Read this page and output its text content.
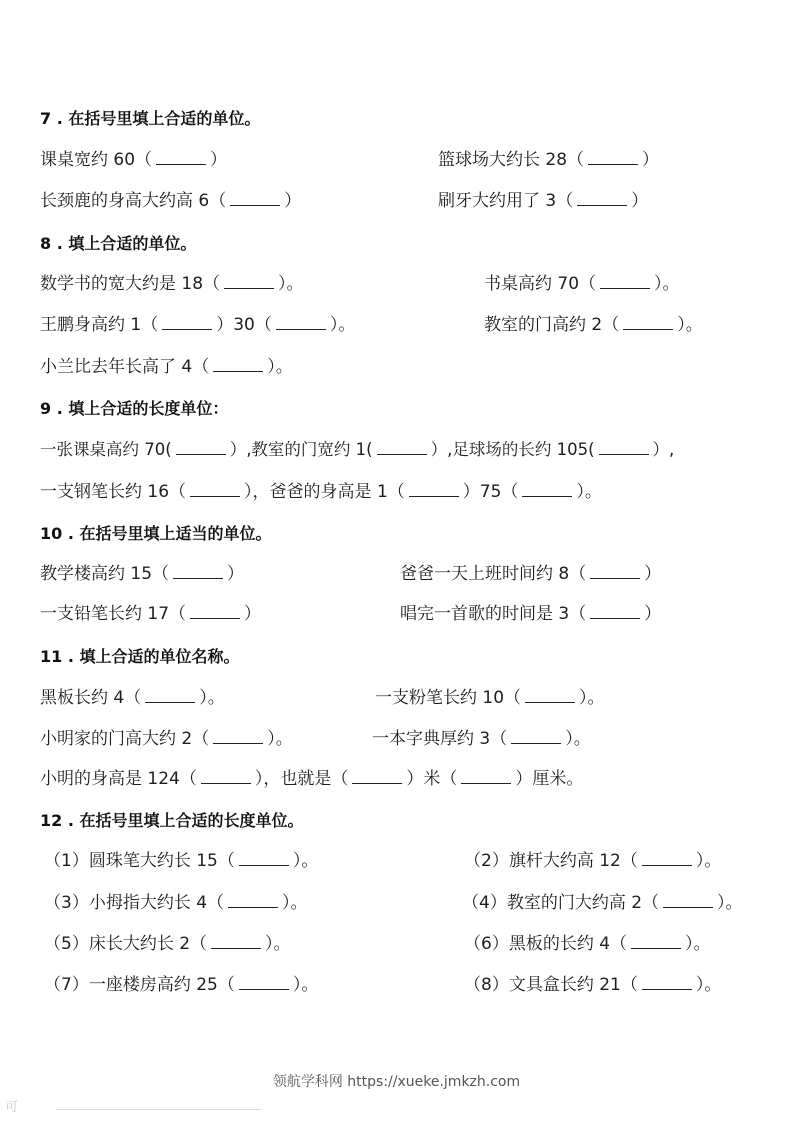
7 . 在括号里填上合适的单位。
课桌宽约 60（	）	篮球场大约长 28（	）
长颈鹿的身高大约高 6（	）	刷牙大约用了 3（	）
8 . 填上合适的单位。
数学书的宽大约是 18（	）。	书桌高约 70（	）。
王鹏身高约 1（	）30（	）。	教室的门高约 2（	）。
小兰比去年长高了 4（	）。
9 . 填上合适的长度单位：
一张课桌高约 70(	）,教室的门宽约 1(	）,足球场的长约 105(	）,
一支钢笔长约 16（	），爸爸的身高是 1（	）75（	）。
10 . 在括号里填上适当的单位。
教学楼高约 15（	）	爸爸一天上班时间约 8（	）
一支铅笔长约 17（	）	唱完一首歌的时间是 3（	）
11 . 填上合适的单位名称。
黑板长约 4（	）。	一支粉笔长约 10（	）。
小明家的门高大约 2（	）。	一本字典厚约 3（	）。
小明的身高是 124（	），也就是（	）米（	）厘米。
12 . 在括号里填上合适的长度单位。
（1）圆珠笔大约长 15（	）。	（2）旗杆大约高 12（	）。
（3）小拇指大约长 4（	）。	（4）教室的门大约高 2（	）。
（5）床长大约长 2（	）。	（6）黑板的长约 4（	）。
（7）一座楼房高约 25（	）。	（8）文具盒长约 21（	）。
领航学科网 https://xueke.jmkzh.com
可
